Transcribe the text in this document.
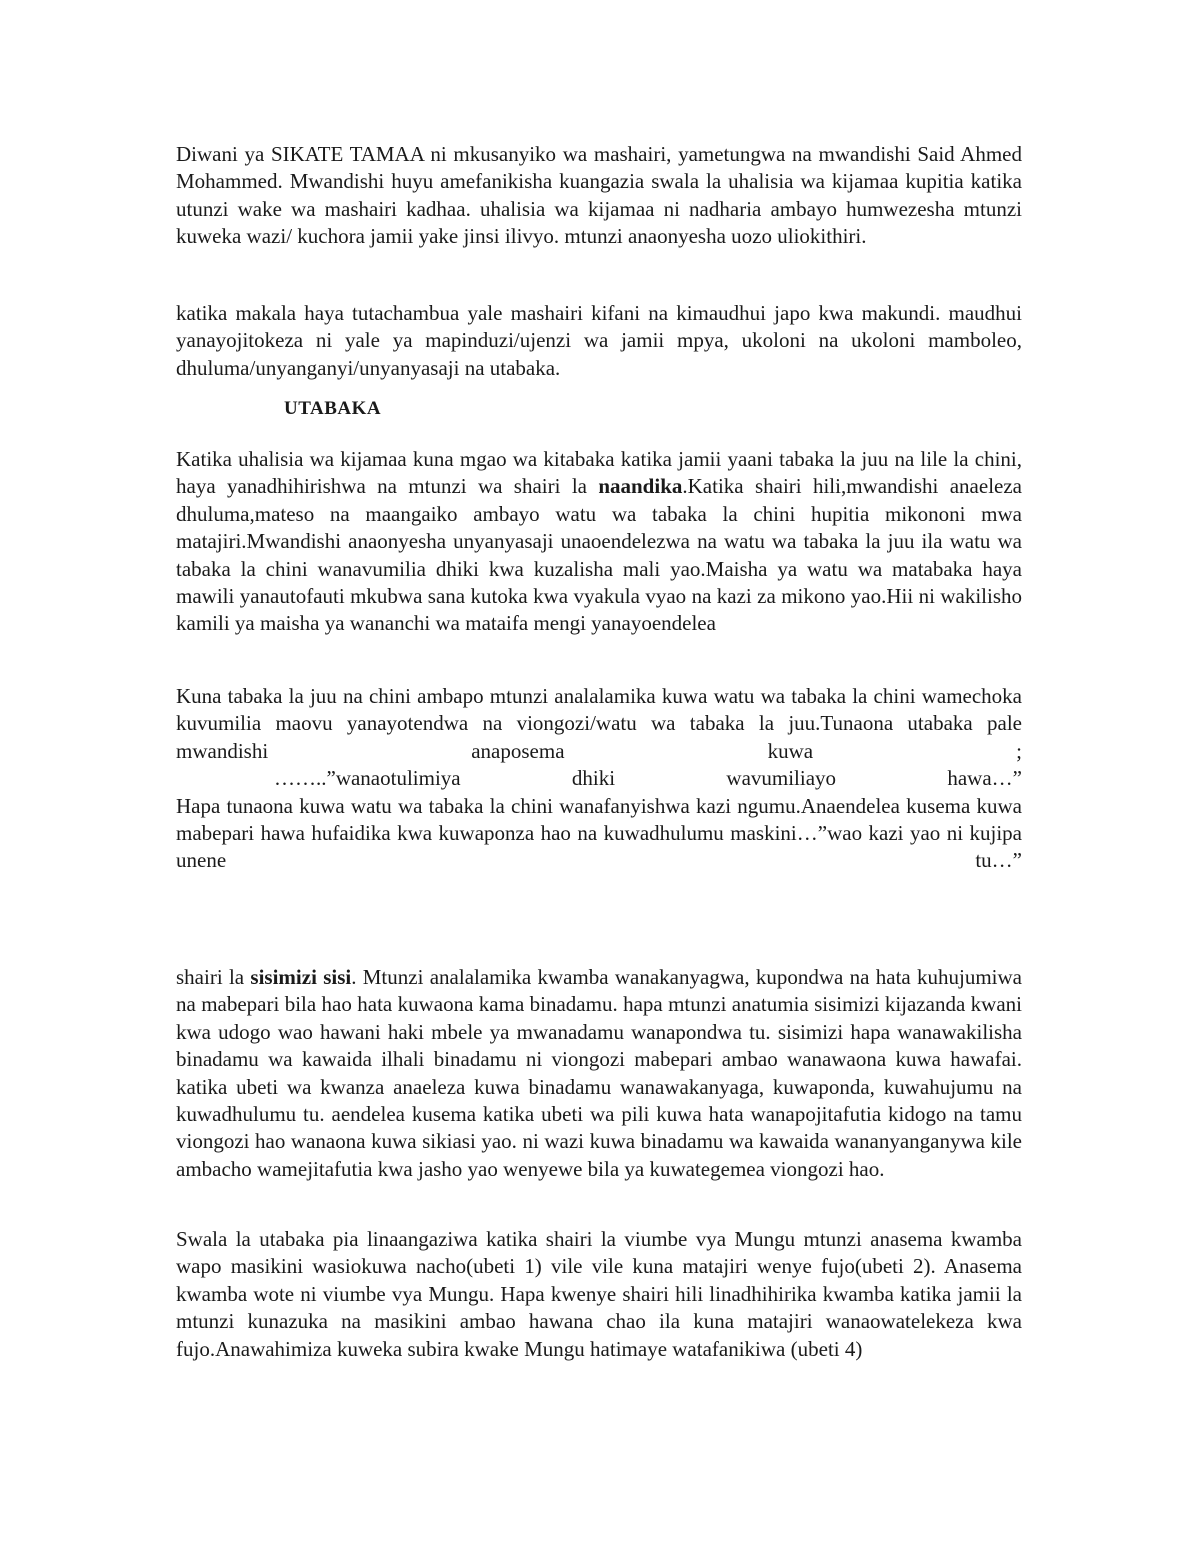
Diwani ya SIKATE TAMAA ni mkusanyiko wa mashairi, yametungwa na mwandishi Said Ahmed Mohammed. Mwandishi huyu amefanikisha kuangazia swala la uhalisia wa kijamaa kupitia katika utunzi wake wa mashairi kadhaa. uhalisia wa kijamaa ni nadharia ambayo humwezesha mtunzi kuweka wazi/ kuchora jamii yake jinsi ilivyo. mtunzi anaonyesha uozo uliokithiri.

katika makala haya tutachambua yale mashairi kifani na kimaudhui japo kwa makundi. maudhui yanayojitokeza ni yale ya mapinduzi/ujenzi wa jamii mpya, ukoloni na ukoloni mamboleo, dhuluma/unyanganyi/unyanyasaji na utabaka.

UTABAKA

Katika uhalisia wa kijamaa kuna mgao wa kitabaka katika jamii yaani tabaka la juu na lile la chini, haya yanadhihirishwa na mtunzi wa shairi la naandika.Katika shairi hili,mwandishi anaeleza dhuluma,mateso na maangaiko ambayo watu wa tabaka la chini hupitia mikononi mwa matajiri.Mwandishi anaonyesha unyanyasaji unaoendelezwa na watu wa tabaka la juu ila watu wa tabaka la chini wanavumilia dhiki kwa kuzalisha mali yao.Maisha ya watu wa matabaka haya mawili yanautofauti mkubwa sana kutoka kwa vyakula vyao na kazi za mikono yao.Hii ni wakilisho kamili ya maisha ya wananchi wa mataifa mengi yanayoendelea

Kuna tabaka la juu na chini ambapo mtunzi analalamika kuwa watu wa tabaka la chini wamechoka kuvumilia maovu yanayotendwa na viongozi/watu wa tabaka la juu.Tunaona utabaka pale mwandishi anaposema kuwa ;
……..”wanaotulimiya dhiki wavumiliayo hawa…”
Hapa tunaona kuwa watu wa tabaka la chini wanafanyishwa kazi ngumu.Anaendelea kusema kuwa mabepari hawa hufaidika kwa kuwaponza hao na kuwadhulumu maskini…”wao kazi yao ni kujipa unene tu…”

shairi la sisimizi sisi. Mtunzi analalamika kwamba wanakanyagwa, kupondwa na hata kuhujumiwa na mabepari bila hao hata kuwaona kama binadamu. hapa mtunzi anatumia sisimizi kijazanda kwani kwa udogo wao hawani haki mbele ya mwanadamu wanapondwa tu. sisimizi hapa wanawakilisha binadamu wa kawaida ilhali binadamu ni viongozi mabepari ambao wanawaona kuwa hawafai. katika ubeti wa kwanza anaeleza kuwa binadamu wanawakanyaga, kuwaponda, kuwahujumu na kuwadhulumu tu. aendelea kusema katika ubeti wa pili kuwa hata wanapojitafutia kidogo na tamu viongozi hao wanaona kuwa sikiasi yao. ni wazi kuwa binadamu wa kawaida wananyanganywa kile ambacho wamejitafutia kwa jasho yao wenyewe bila ya kuwategemea viongozi hao.

Swala la utabaka pia linaangaziwa katika shairi la viumbe vya Mungu mtunzi anasema kwamba wapo masikini wasiokuwa nacho(ubeti 1) vile vile kuna matajiri wenye fujo(ubeti 2). Anasema kwamba wote ni viumbe vya Mungu. Hapa kwenye shairi hili linadhihirika kwamba katika jamii la mtunzi kunazuka na masikini ambao hawana chao ila kuna matajiri wanaowatelekeza kwa fujo.Anawahimiza kuweka subira kwake Mungu hatimaye watafanikiwa (ubeti 4)
